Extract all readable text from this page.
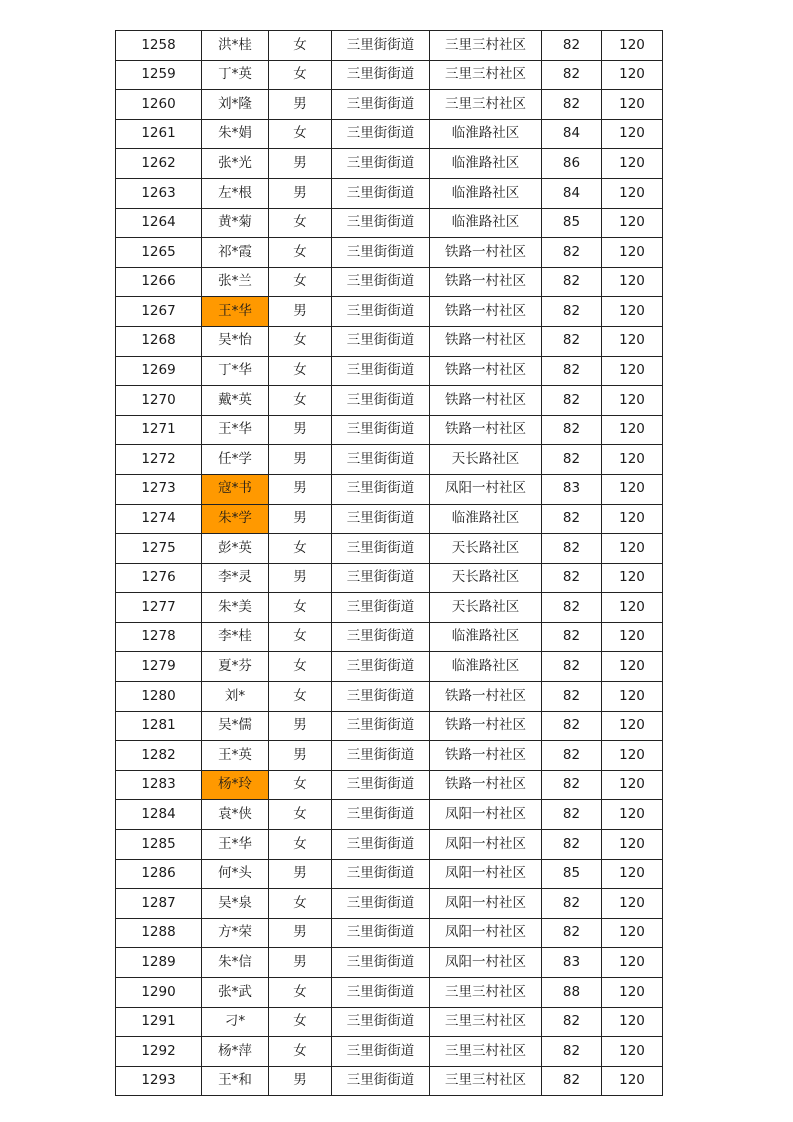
1258	洪*桂	女	三里街街道	三里三村社区	82	120
1259	丁*英	女	三里街街道	三里三村社区	82	120
1260	刘*隆	男	三里街街道	三里三村社区	82	120
1261	朱*娟	女	三里街街道	临淮路社区	84	120
1262	张*光	男	三里街街道	临淮路社区	86	120
1263	左*根	男	三里街街道	临淮路社区	84	120
1264	黄*菊	女	三里街街道	临淮路社区	85	120
1265	祁*霞	女	三里街街道	铁路一村社区	82	120
1266	张*兰	女	三里街街道	铁路一村社区	82	120
1267	王*华	男	三里街街道	铁路一村社区	82	120
1268	吴*怡	女	三里街街道	铁路一村社区	82	120
1269	丁*华	女	三里街街道	铁路一村社区	82	120
1270	戴*英	女	三里街街道	铁路一村社区	82	120
1271	王*华	男	三里街街道	铁路一村社区	82	120
1272	任*学	男	三里街街道	天长路社区	82	120
1273	寇*书	男	三里街街道	凤阳一村社区	83	120
1274	朱*学	男	三里街街道	临淮路社区	82	120
1275	彭*英	女	三里街街道	天长路社区	82	120
1276	李*灵	男	三里街街道	天长路社区	82	120
1277	朱*美	女	三里街街道	天长路社区	82	120
1278	李*桂	女	三里街街道	临淮路社区	82	120
1279	夏*芬	女	三里街街道	临淮路社区	82	120
1280	刘*	女	三里街街道	铁路一村社区	82	120
1281	吴*儒	男	三里街街道	铁路一村社区	82	120
1282	王*英	男	三里街街道	铁路一村社区	82	120
1283	杨*玲	女	三里街街道	铁路一村社区	82	120
1284	袁*侠	女	三里街街道	凤阳一村社区	82	120
1285	王*华	女	三里街街道	凤阳一村社区	82	120
1286	何*头	男	三里街街道	凤阳一村社区	85	120
1287	吴*泉	女	三里街街道	凤阳一村社区	82	120
1288	方*荣	男	三里街街道	凤阳一村社区	82	120
1289	朱*信	男	三里街街道	凤阳一村社区	83	120
1290	张*武	女	三里街街道	三里三村社区	88	120
1291	刁*	女	三里街街道	三里三村社区	82	120
1292	杨*萍	女	三里街街道	三里三村社区	82	120
1293	王*和	男	三里街街道	三里三村社区	82	120
